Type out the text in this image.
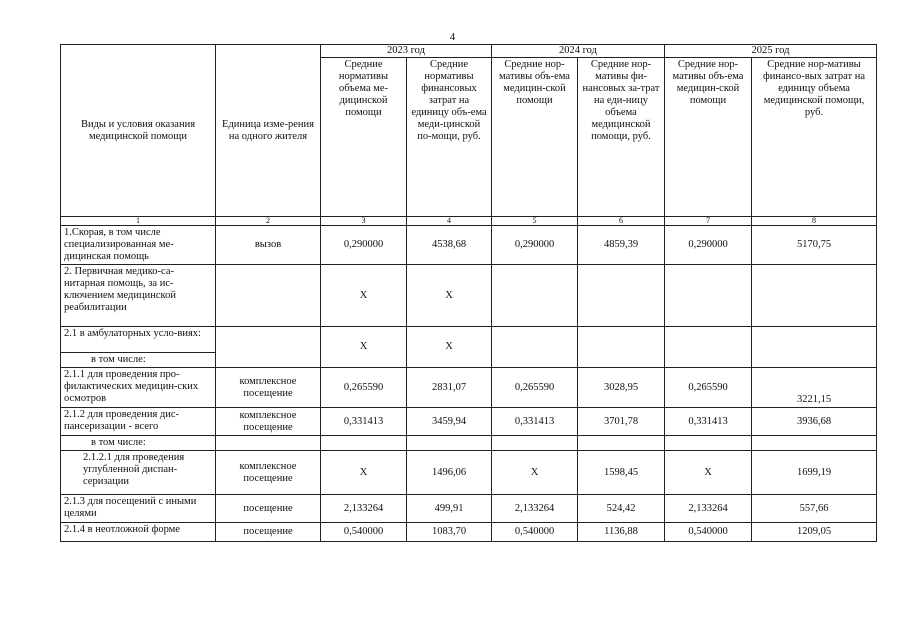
4
Виды и условия оказания медицинской помощи	Единица изме-рения на одного жителя	2023 год		2024 год		2025 год	
		Средние нормативы объема ме-дицинской помощи	Средние нормативы финансовых затрат на единицу объ-ема меди-цинской по-мощи, руб.	Средние нор-мативы объ-ема медицин-ской помощи	Средние нор-мативы фи-нансовых за-трат на еди-ницу объема медицинской помощи, руб.	Средние нор-мативы объ-ема медицин-ской помощи	Средние нор-мативы финансо-вых затрат на единицу объема медицинской помощи, руб.
1	2	3	4	5	6	7	8
1.Скорая, в том числе специализированная ме-дицинская помощь	вызов	0,290000	4538,68	0,290000	4859,39	0,290000	5170,75
2. Первичная медико-са-нитарная помощь, за ис-ключением медицинской реабилитации		X	X				
2.1 в амбулаторных усло-виях:		X	X				
в том числе:							
2.1.1 для проведения про-филактических медицин-ских осмотров	комплексное посещение	0,265590	2831,07	0,265590	3028,95	0,265590	3221,15
2.1.2 для проведения дис-пансеризации - всего	комплексное посещение	0,331413	3459,94	0,331413	3701,78	0,331413	3936,68
в том числе:							
2.1.2.1 для проведения углубленной диспан-серизации	комплексное посещение	X	1496,06	X	1598,45	X	1699,19
2.1.3 для посещений с иными целями	посещение	2,133264	499,91	2,133264	524,42	2,133264	557,66
2.1.4 в неотложной форме	посещение	0,540000	1083,70	0,540000	1136,88	0,540000	1209,05
